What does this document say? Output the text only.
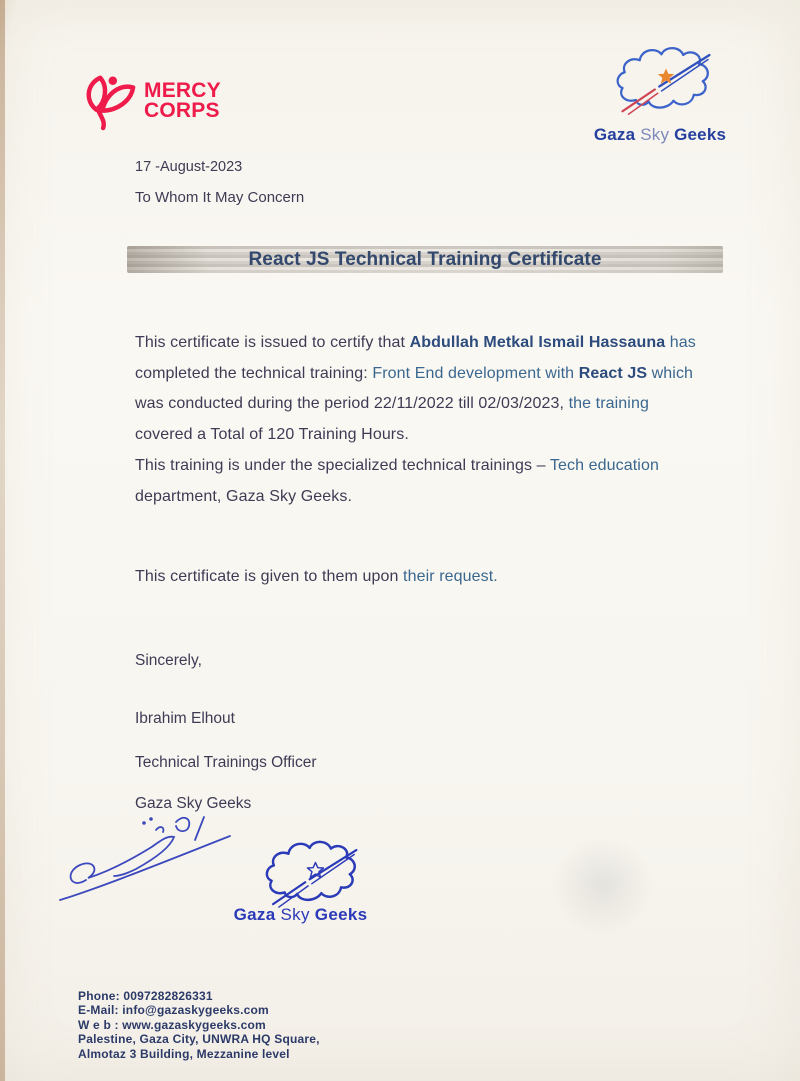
MERCY
CORPS
Gaza Sky Geeks
17 -August-2023
To Whom It May Concern
React JS Technical Training Certificate
This certificate is issued to certify that Abdullah Metkal Ismail Hassauna has
completed the technical training: Front End development with React JS which
was conducted during the period 22/11/2022 till 02/03/2023, the training
covered a Total of 120 Training Hours.
This training is under the specialized technical trainings – Tech education
department, Gaza Sky Geeks.
This certificate is given to them upon their request.
Sincerely,
Ibrahim Elhout
Technical Trainings Officer
Gaza Sky Geeks
Gaza Sky Geeks
Phone: 0097282826331
E-Mail: info@gazaskygeeks.com
W e b : www.gazaskygeeks.com
Palestine, Gaza City, UNWRA HQ Square,
Almotaz 3 Building, Mezzanine level
